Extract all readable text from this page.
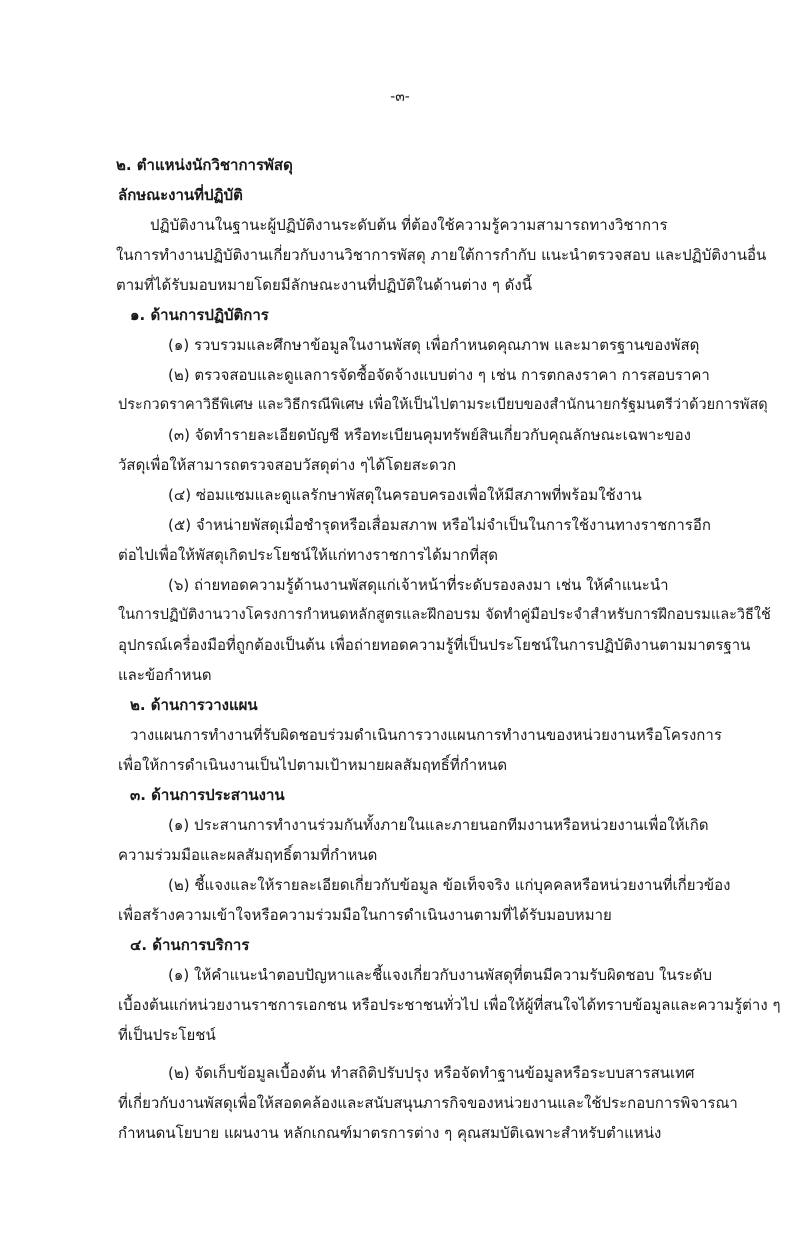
-๓-
๒. ตำแหน่งนักวิชาการพัสดุ
ลักษณะงานที่ปฏิบัติ
ปฏิบัติงานในฐานะผู้ปฏิบัติงานระดับต้น ที่ต้องใช้ความรู้ความสามารถทางวิชาการ
ในการทำงานปฏิบัติงานเกี่ยวกับงานวิชาการพัสดุ ภายใต้การกำกับ แนะนำตรวจสอบ และปฏิบัติงานอื่น
ตามที่ได้รับมอบหมายโดยมีลักษณะงานที่ปฏิบัติในด้านต่าง ๆ ดังนี้
๑. ด้านการปฏิบัติการ
(๑) รวบรวมและศึกษาข้อมูลในงานพัสดุ เพื่อกำหนดคุณภาพ และมาตรฐานของพัสดุ
(๒) ตรวจสอบและดูแลการจัดซื้อจัดจ้างแบบต่าง ๆ เช่น การตกลงราคา การสอบราคา
ประกวดราคาวิธีพิเศษ และวิธีกรณีพิเศษ เพื่อให้เป็นไปตามระเบียบของสำนักนายกรัฐมนตรีว่าด้วยการพัสดุ
(๓) จัดทำรายละเอียดบัญชี หรือทะเบียนคุมทรัพย์สินเกี่ยวกับคุณลักษณะเฉพาะของ
วัสดุเพื่อให้สามารถตรวจสอบวัสดุต่าง ๆได้โดยสะดวก
(๔) ซ่อมแซมและดูแลรักษาพัสดุในครอบครองเพื่อให้มีสภาพที่พร้อมใช้งาน
(๕) จำหน่ายพัสดุเมื่อชำรุดหรือเสื่อมสภาพ หรือไม่จำเป็นในการใช้งานทางราชการอีก
ต่อไปเพื่อให้พัสดุเกิดประโยชน์ให้แก่ทางราชการได้มากที่สุด
(๖) ถ่ายทอดความรู้ด้านงานพัสดุแก่เจ้าหน้าที่ระดับรองลงมา เช่น ให้คำแนะนำ
ในการปฏิบัติงานวางโครงการกำหนดหลักสูตรและฝึกอบรม จัดทำคู่มือประจำสำหรับการฝึกอบรมและวิธีใช้
อุปกรณ์เครื่องมือที่ถูกต้องเป็นต้น เพื่อถ่ายทอดความรู้ที่เป็นประโยชน์ในการปฏิบัติงานตามมาตรฐาน
และข้อกำหนด
๒. ด้านการวางแผน
วางแผนการทำงานที่รับผิดชอบร่วมดำเนินการวางแผนการทำงานของหน่วยงานหรือโครงการ
เพื่อให้การดำเนินงานเป็นไปตามเป้าหมายผลสัมฤทธิ์ที่กำหนด
๓. ด้านการประสานงาน
(๑) ประสานการทำงานร่วมกันทั้งภายในและภายนอกทีมงานหรือหน่วยงานเพื่อให้เกิด
ความร่วมมือและผลสัมฤทธิ์ตามที่กำหนด
(๒) ชี้แจงและให้รายละเอียดเกี่ยวกับข้อมูล ข้อเท็จจริง แก่บุคคลหรือหน่วยงานที่เกี่ยวข้อง
เพื่อสร้างความเข้าใจหรือความร่วมมือในการดำเนินงานตามที่ได้รับมอบหมาย
๔. ด้านการบริการ
(๑) ให้คำแนะนำตอบปัญหาและชี้แจงเกี่ยวกับงานพัสดุที่ตนมีความรับผิดชอบ ในระดับ
เบื้องต้นแก่หน่วยงานราชการเอกชน หรือประชาชนทั่วไป เพื่อให้ผู้ที่สนใจได้ทราบข้อมูลและความรู้ต่าง ๆ
ที่เป็นประโยชน์
(๒) จัดเก็บข้อมูลเบื้องต้น ทำสถิติปรับปรุง หรือจัดทำฐานข้อมูลหรือระบบสารสนเทศ
ที่เกี่ยวกับงานพัสดุเพื่อให้สอดคล้องและสนับสนุนภารกิจของหน่วยงานและใช้ประกอบการพิจารณา
กำหนดนโยบาย แผนงาน หลักเกณฑ์มาตรการต่าง ๆ คุณสมบัติเฉพาะสำหรับตำแหน่ง
